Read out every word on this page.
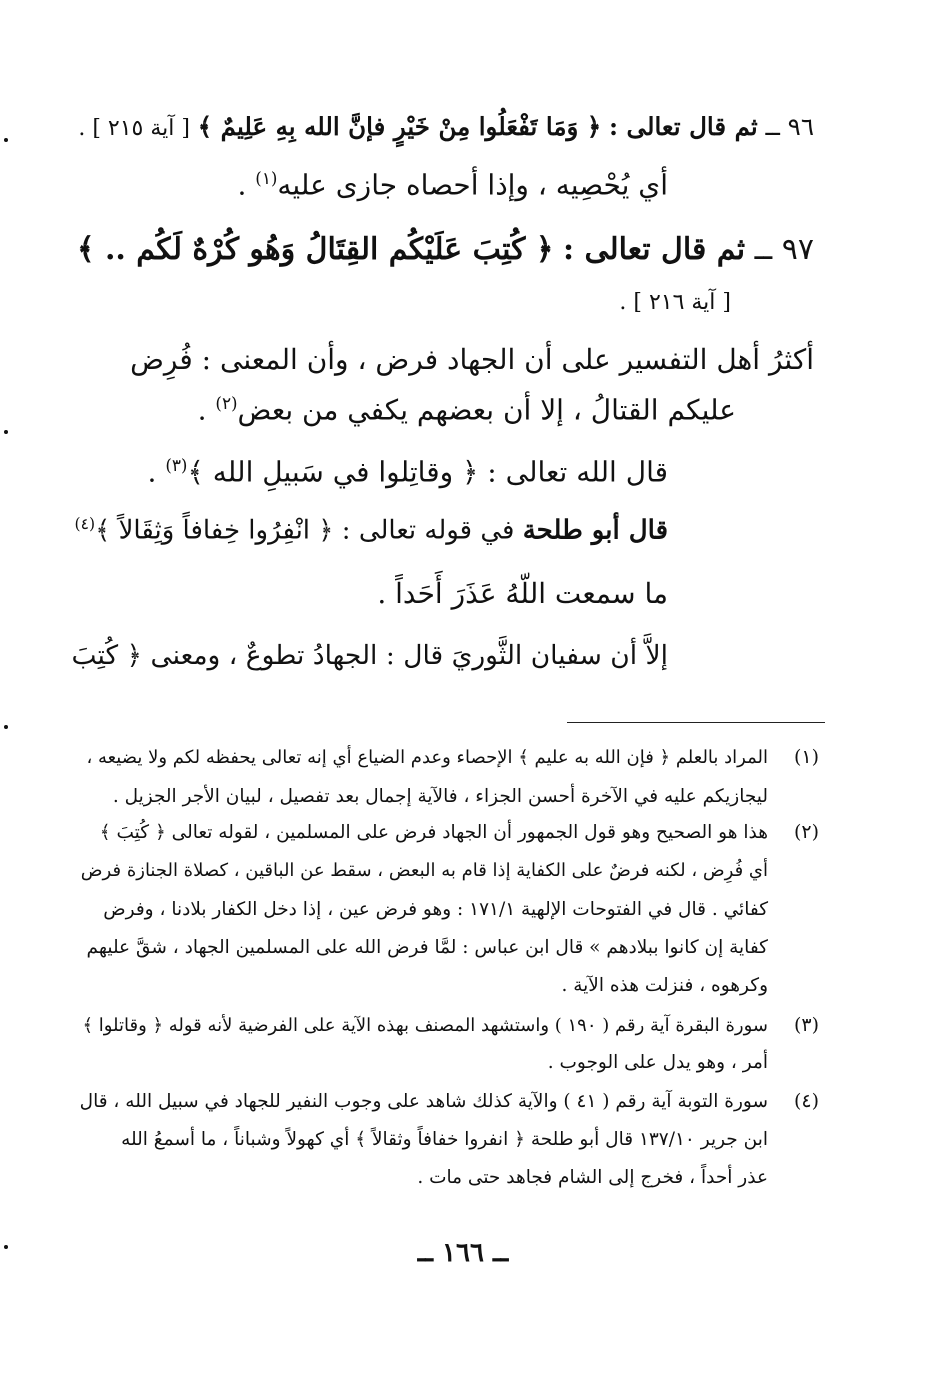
٩٦ ــ ثم قال تعالى : ﴿ وَمَا تَفْعَلُوا مِنْ خَيْرٍ فإنَّ الله بِهِ عَلِيمٌ ﴾ [ آية ٢١٥ ] .
أي يُحْصِيه ، وإذا أحصاه جازى عليه$^{(١)}$ .
٩٧ ــ ثم قال تعالى : ﴿ كُتِبَ عَلَيْكُم القِتَالُ وَهُو كُرْهٌ لَكُم .. ﴾
[ آية ٢١٦ ] .
أكثرُ أهل التفسير على أن الجهاد فرض ، وأن المعنى : فُرِض
عليكم القتالُ ، إلا أن بعضهم يكفي من بعض$^{(٢)}$ .
قال الله تعالى : ﴿ وقاتِلوا في سَبيلِ الله ﴾$^{(٣)}$ .
قال أبو طلحة في قوله تعالى : ﴿ انْفِرُوا خِفافاً وَثِقَالاً ﴾$^{(٤)}$
ما سمعت اللّهُ عَذَرَ أَحَداً .
إلاَّ أن سفيان الثَّوريَ قال : الجهادُ تطوعٌ ، ومعنى ﴿ كُتِبَ
(١)
المراد بالعلم ﴿ فإن الله به عليم ﴾ الإحصاء وعدم الضياع أي إنه تعالى يحفظه لكم ولا يضيعه ،
ليجازيكم عليه في الآخرة أحسن الجزاء ، فالآية إجمال بعد تفصيل ، لبيان الأجر الجزيل .
(٢)
هذا هو الصحيح وهو قول الجمهور أن الجهاد فرض على المسلمين ، لقوله تعالى ﴿ كُتِبَ ﴾
أي فُرِض ، لكنه فرضٌ على الكفاية إذا قام به البعض ، سقط عن الباقين ، كصلاة الجنازة فرض
كفائي . قال في الفتوحات الإلهية ١٧١/١ : وهو فرض عين ، إذا دخل الكفار بلادنا ، وفرض
كفاية إن كانوا ببلادهم » قال ابن عباس : لمَّا فرض الله على المسلمين الجهاد ، شقَّ عليهم
وكرهوه ، فنزلت هذه الآية .
(٣)
سورة البقرة آية رقم ( ١٩٠ ) واستشهد المصنف بهذه الآية على الفرضية لأنه قوله ﴿ وقاتلوا ﴾
أمر ، وهو يدل على الوجوب .
(٤)
سورة التوبة آية رقم ( ٤١ ) والآية كذلك شاهد على وجوب النفير للجهاد في سبيل الله ، قال
ابن جرير ١٣٧/١٠ قال أبو طلحة ﴿ انفروا خفافاً وثقالاً ﴾ أي كهولاً وشباناً ، ما أسمعُ الله
عذر أحداً ، فخرج إلى الشام فجاهد حتى مات .
ــ ١٦٦ ــ
